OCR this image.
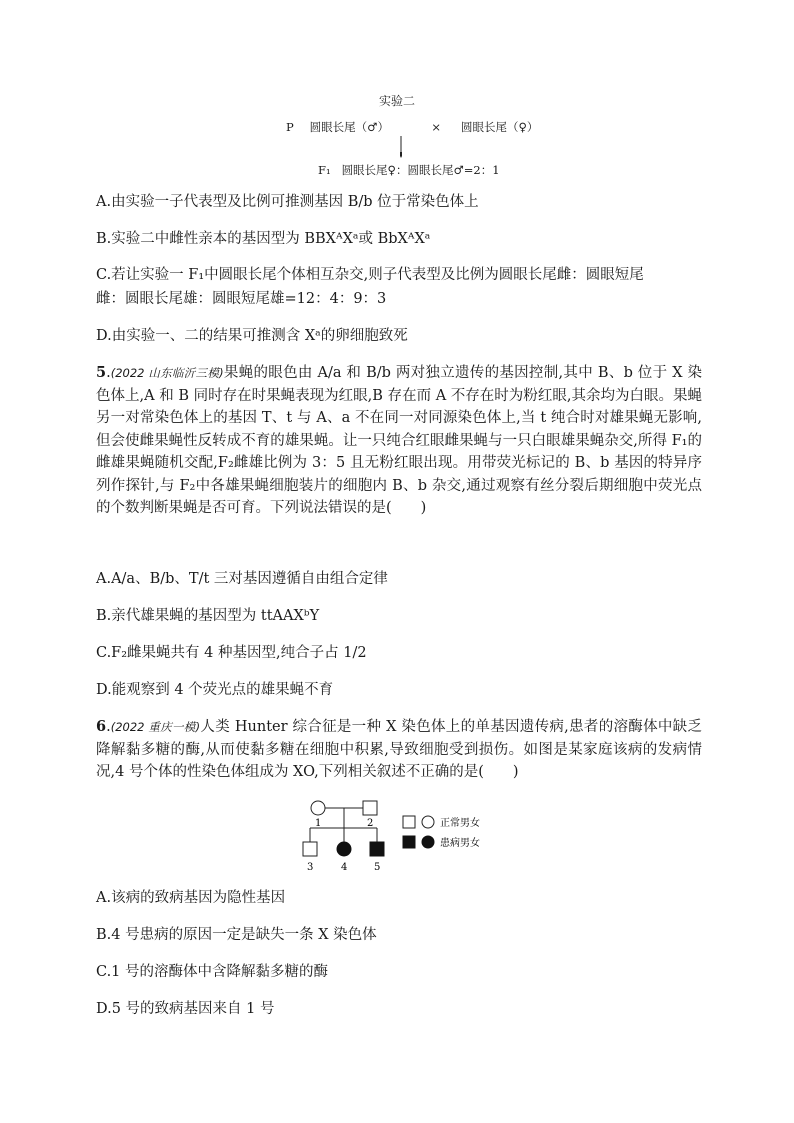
实验二
P 圆眼长尾（♂）	× 圆眼长尾（♀）
F₁ 圆眼长尾♀：圆眼长尾♂=2：1
A.由实验一子代表型及比例可推测基因 B/b 位于常染色体上
B.实验二中雌性亲本的基因型为 BBXᴬXᵃ或 BbXᴬXᵃ
C.若让实验一 F₁中圆眼长尾个体相互杂交,则子代表型及比例为圆眼长尾雌：圆眼短尾
雌：圆眼长尾雄：圆眼短尾雄=12：4：9：3
D.由实验一、二的结果可推测含 Xᵃ的卵细胞致死
5.(2022 山东临沂三模)果蝇的眼色由 A/a 和 B/b 两对独立遗传的基因控制,其中 B、b 位于 X 染色体上,A 和 B 同时存在时果蝇表现为红眼,B 存在而 A 不存在时为粉红眼,其余均为白眼。果蝇另一对常染色体上的基因 T、t 与 A、a 不在同一对同源染色体上,当 t 纯合时对雄果蝇无影响,但会使雌果蝇性反转成不育的雄果蝇。让一只纯合红眼雌果蝇与一只白眼雄果蝇杂交,所得 F₁的雌雄果蝇随机交配,F₂雌雄比例为 3：5 且无粉红眼出现。用带荧光标记的 B、b 基因的特异序列作探针,与 F₂中各雄果蝇细胞装片的细胞内 B、b 杂交,通过观察有丝分裂后期细胞中荧光点的个数判断果蝇是否可育。下列说法错误的是(　　)
A.A/a、B/b、T/t 三对基因遵循自由组合定律
B.亲代雄果蝇的基因型为 ttAAXᵇY
C.F₂雌果蝇共有 4 种基因型,纯合子占 1/2
D.能观察到 4 个荧光点的雄果蝇不育
6.(2022 重庆一模)人类 Hunter 综合征是一种 X 染色体上的单基因遗传病,患者的溶酶体中缺乏降解黏多糖的酶,从而使黏多糖在细胞中积累,导致细胞受到损伤。如图是某家庭该病的发病情况,4 号个体的性染色体组成为 XO,下列相关叙述不正确的是(　　)
1	2
3	4	5
正常男女
患病男女
A.该病的致病基因为隐性基因
B.4 号患病的原因一定是缺失一条 X 染色体
C.1 号的溶酶体中含降解黏多糖的酶
D.5 号的致病基因来自 1 号
